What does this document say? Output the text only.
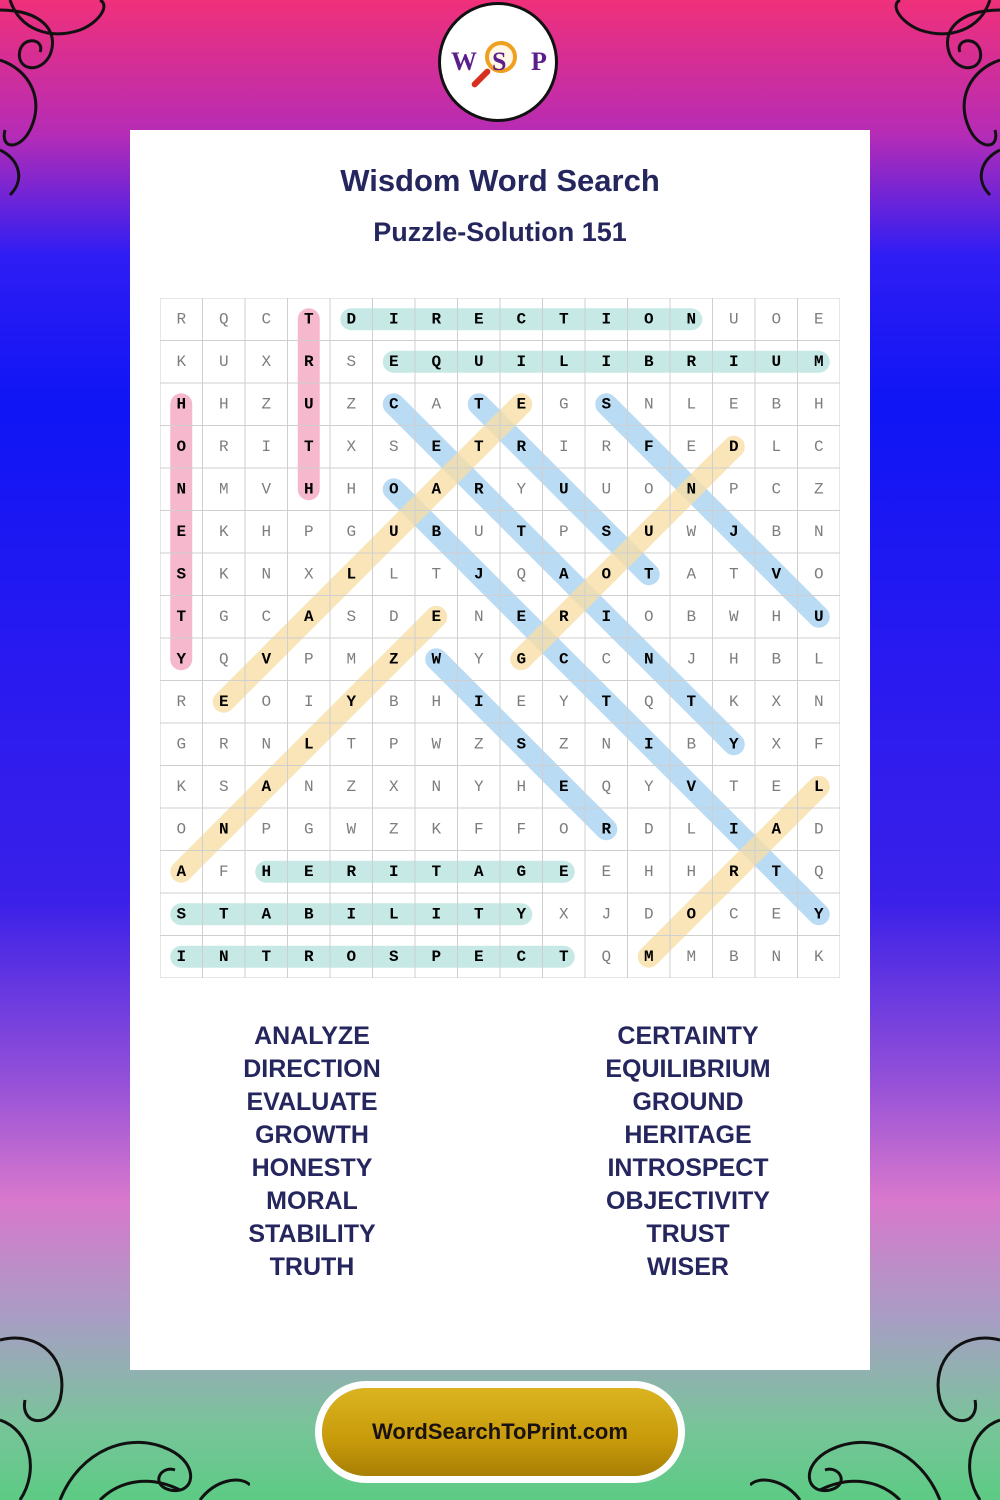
W S P
Wisdom Word Search
Puzzle-Solution 151
R Q C T D I R E C T I O N U O E
K U X R S E Q U I L I B R I U M
H H Z U Z C A T E G S N L E B H
O R I T X S E T R I R F E D L C
N M V H H O A R Y U U O N P C Z
E K H P G U B U T P S U W J B N
S K N X L L T J Q A O T A T V O
T G C A S D E N E R I O B W H U
Y Q V P M Z W Y G C C N J H B L
R E O I Y B H I E Y T Q T K X N
G R N L T P W Z S Z N I B Y X F
K S A N Z X N Y H E Q Y V T E L
O N P G W Z K F F O R D L I A D
A F H E R I T A G E E H H R T Q
S T A B I L I T Y X J D O C E Y
I N T R O S P E C T Q M M B N K
ANALYZE
DIRECTION
EVALUATE
GROWTH
HONESTY
MORAL
STABILITY
TRUTH
CERTAINTY
EQUILIBRIUM
GROUND
HERITAGE
INTROSPECT
OBJECTIVITY
TRUST
WISER
WordSearchToPrint.com
